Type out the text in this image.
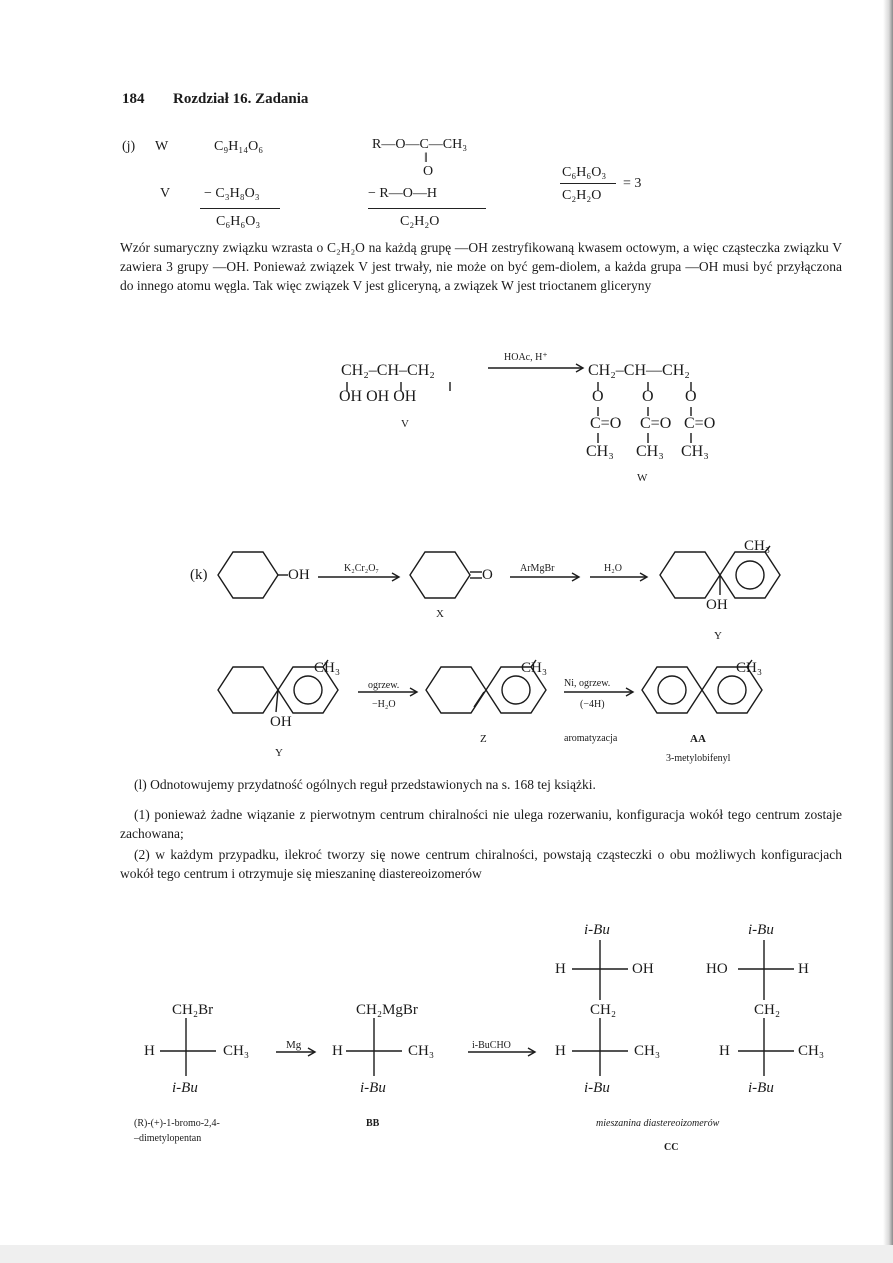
184 Rozdział 16. Zadania
(j) W	C₉H₁₄O₆	R—O—C—CH₃
‖
O
V − C₃H₈O₃	− R—O—H
C₆H₆O₃	C₂H₂O
C₆H₆O₃
C₂H₂O
= 3
Wzór sumaryczny związku wzrasta o C₂H₂O na każdą grupę —OH zestryfikowaną kwasem octowym, a więc cząsteczka związku V zawiera 3 grupy —OH. Ponieważ związek V jest trwały, nie może on być gem-diolem, a każda grupa —OH musi być przyłączona do innego atomu węgla. Tak więc związek V jest gliceryną, a związek W jest trioctanem gliceryny
CH₂–CH–CH₂
OH OH OH
V
HOAc, H⁺
CH₂–CH—CH₂
O O O
C=O C=O C=O
CH₃ CH₃ CH₃
W
(k)	OH	K₂Cr₂O₇	O
X
ArMgBr	H₂O
CH₃
OH
Y
CH₃
OH
Y
ogrzew.
−H₂O
CH₃
Z
Ni, ogrzew.
(−4H)
aromatyzacja
CH₃
AA
3-metylobifenyl
(l) Odnotowujemy przydatność ogólnych reguł przedstawionych na s. 168 tej książki.
(1) ponieważ żadne wiązanie z pierwotnym centrum chiralności nie ulega rozerwaniu, konfiguracja wokół tego centrum zostaje zachowana;
(2) w każdym przypadku, ilekroć tworzy się nowe centrum chiralności, powstają cząsteczki o obu możliwych konfiguracjach wokół tego centrum i otrzymuje się mieszaninę diastereoizomerów
CH₂Br
H	CH₃
i-Bu
(R)-(+)-1-bromo-2,4-
–dimetylopentan
Mg
CH₂MgBr
H	CH₃
i-Bu
BB
i-BuCHO
i-Bu
H	OH
CH₂
H	CH₃
i-Bu
i-Bu
HO	H
CH₂
H	CH₃
i-Bu
mieszanina diastereoizomerów
CC
